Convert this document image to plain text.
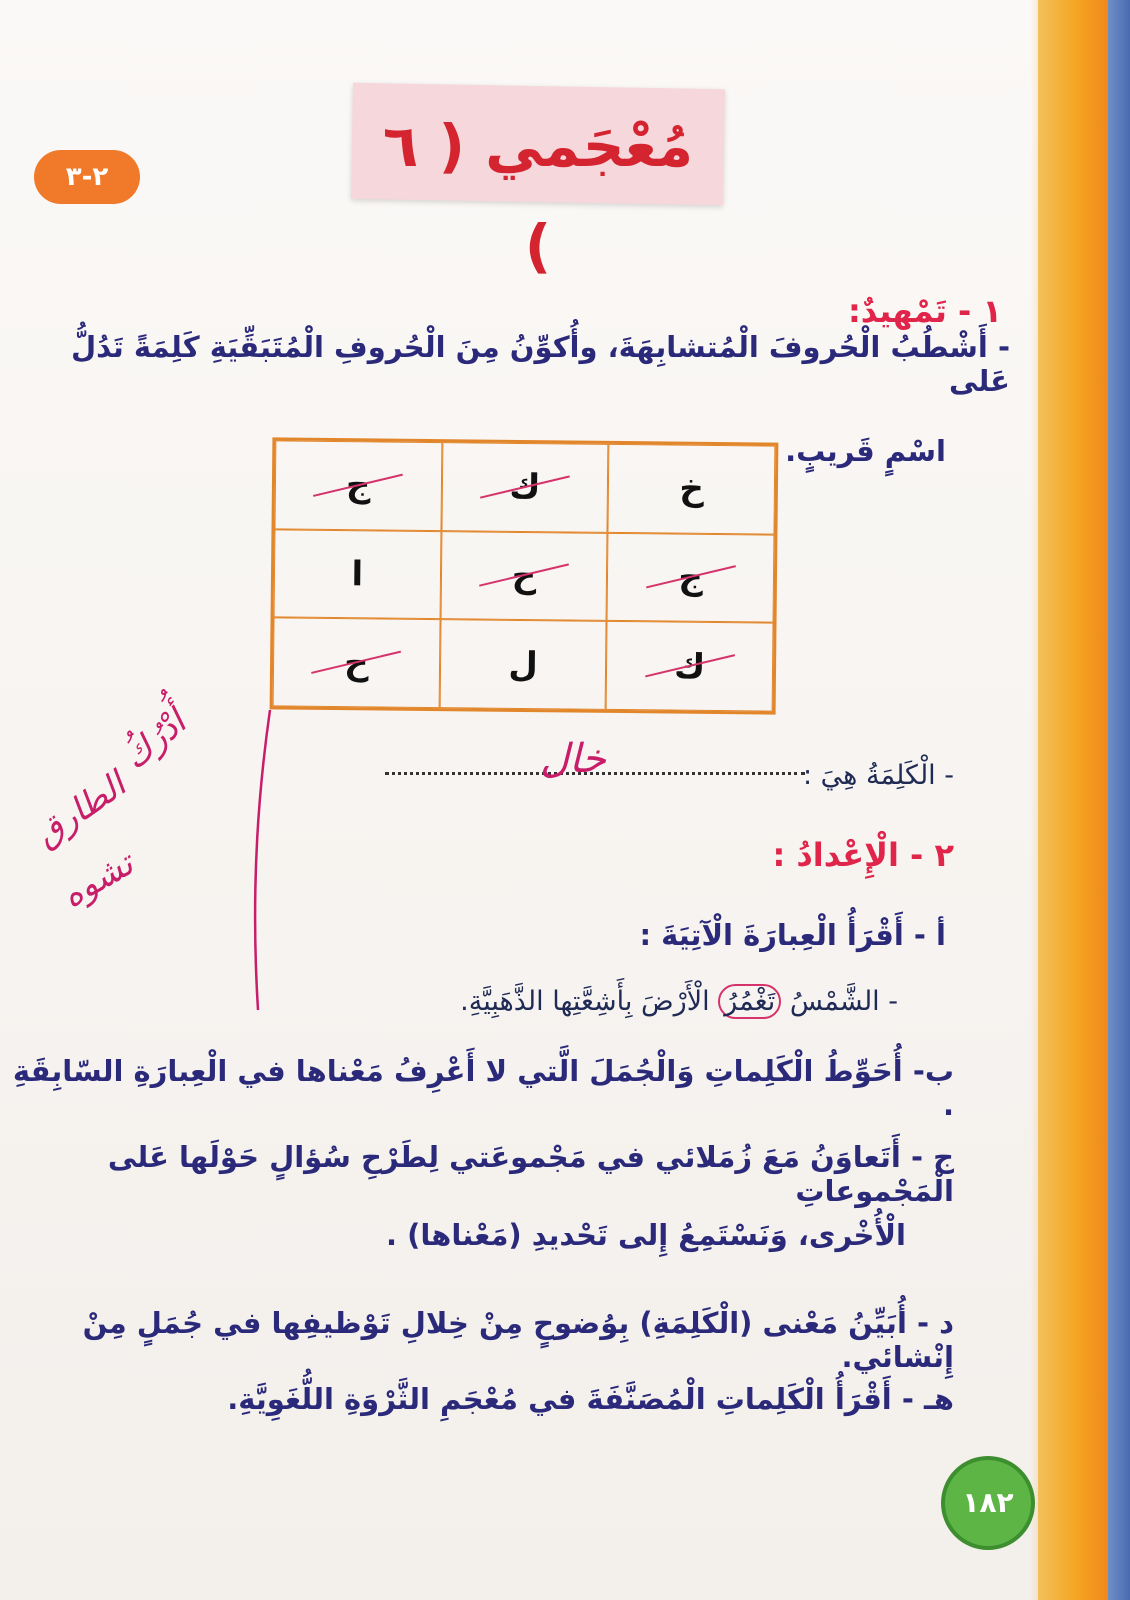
مُعْجَمي ( ٦ )
٢-٣
١ - تَمْهيدٌ:
- أَشْطُبُ الْحُروفَ الْمُتشابِهَةَ، وأُكوِّنُ مِنَ الْحُروفِ الْمُتَبَقِّيَةِ كَلِمَةً تَدُلُّ عَلى
اسْمٍ قَريبٍ.
خ
ك
ج
ج
ح
ا
ك
ل
ح
- الْكَلِمَةُ هِيَ :
خال
أُدْرُكُ
الطارق
تشوه	٢ - الْإِعْدادُ :
أ - أَقْرَأُ الْعِبارَةَ الْآتِيَةَ :
- الشَّمْسُ تَغْمُرُ الْأَرْضَ بِأَشِعَّتِها الذَّهَبِيَّةِ.
ب- أُحَوِّطُ الْكَلِماتِ وَالْجُمَلَ الَّتي لا أَعْرِفُ مَعْناها في الْعِبارَةِ السّابِقَةِ .
ج - أَتَعاوَنُ مَعَ زُمَلائي في مَجْموعَتي لِطَرْحِ سُؤالٍ حَوْلَها عَلى الْمَجْموعاتِ
الْأُخْرى، وَنَسْتَمِعُ إِلى تَحْديدِ (مَعْناها) .
د - أُبَيِّنُ مَعْنى (الْكَلِمَةِ) بِوُضوحٍ مِنْ خِلالِ تَوْظيفِها في جُمَلٍ مِنْ إِنْشائي.
هـ - أَقْرَأُ الْكَلِماتِ الْمُصَنَّفَةَ في مُعْجَمِ الثَّرْوَةِ اللُّغَوِيَّةِ.
١٨٢
